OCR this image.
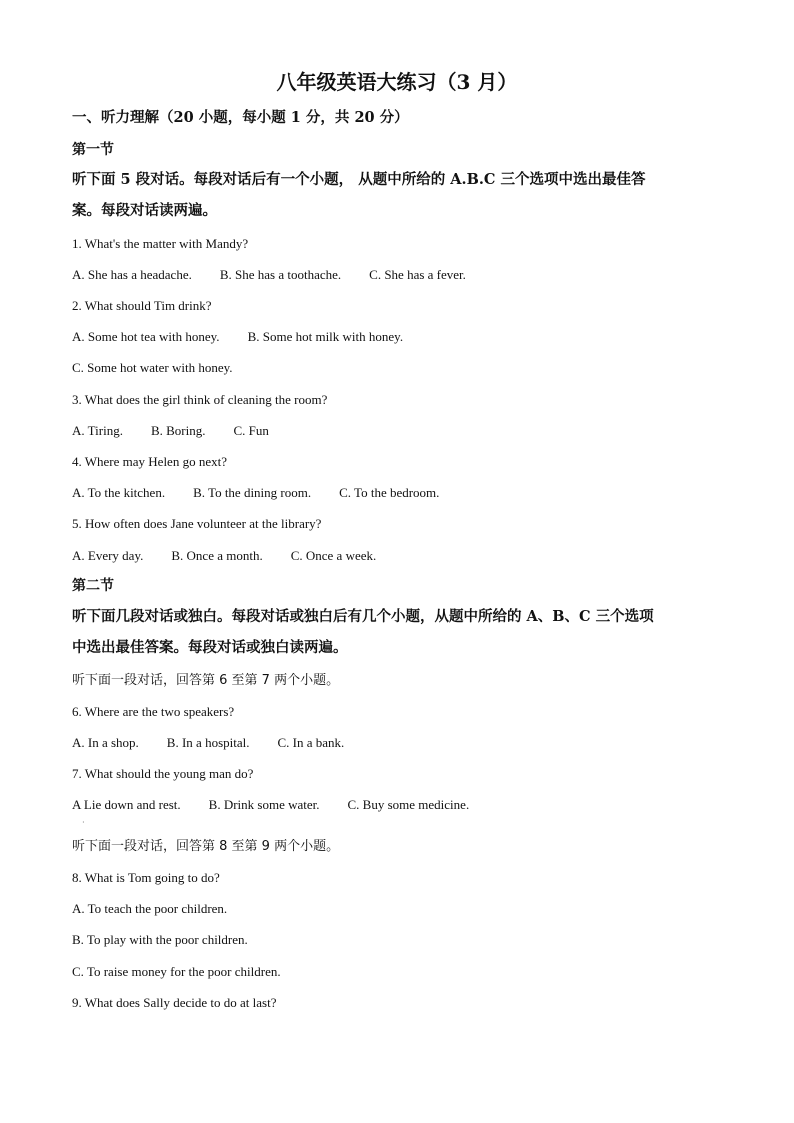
八年级英语大练习（3 月）
一、听力理解（20 小题，每小题 1 分，共 20 分）
第一节
听下面 5 段对话。每段对话后有一个小题， 从题中所给的 A.B.C 三个选项中选出最佳答
案。每段对话读两遍。
1. What's the matter with Mandy?
A. She has a headache. B. She has a toothache. C. She has a fever.
2. What should Tim drink?
A. Some hot tea with honey. B. Some hot milk with honey.
C. Some hot water with honey.
3. What does the girl think of cleaning the room?
A. Tiring. B. Boring. C. Fun
4. Where may Helen go next?
A. To the kitchen. B. To the dining room. C. To the bedroom.
5. How often does Jane volunteer at the library?
A. Every day. B. Once a month. C. Once a week.
第二节
听下面几段对话或独白。每段对话或独白后有几个小题，从题中所给的 A、B、C 三个选项
中选出最佳答案。每段对话或独白读两遍。
听下面一段对话，回答第 6 至第 7 两个小题。
6. Where are the two speakers?
A. In a shop. B. In a hospital. C. In a bank.
7. What should the young man do?
A Lie down and rest. B. Drink some water. C. Buy some medicine.
·
听下面一段对话，回答第 8 至第 9 两个小题。
8. What is Tom going to do?
A. To teach the poor children.
B. To play with the poor children.
C. To raise money for the poor children.
9. What does Sally decide to do at last?
